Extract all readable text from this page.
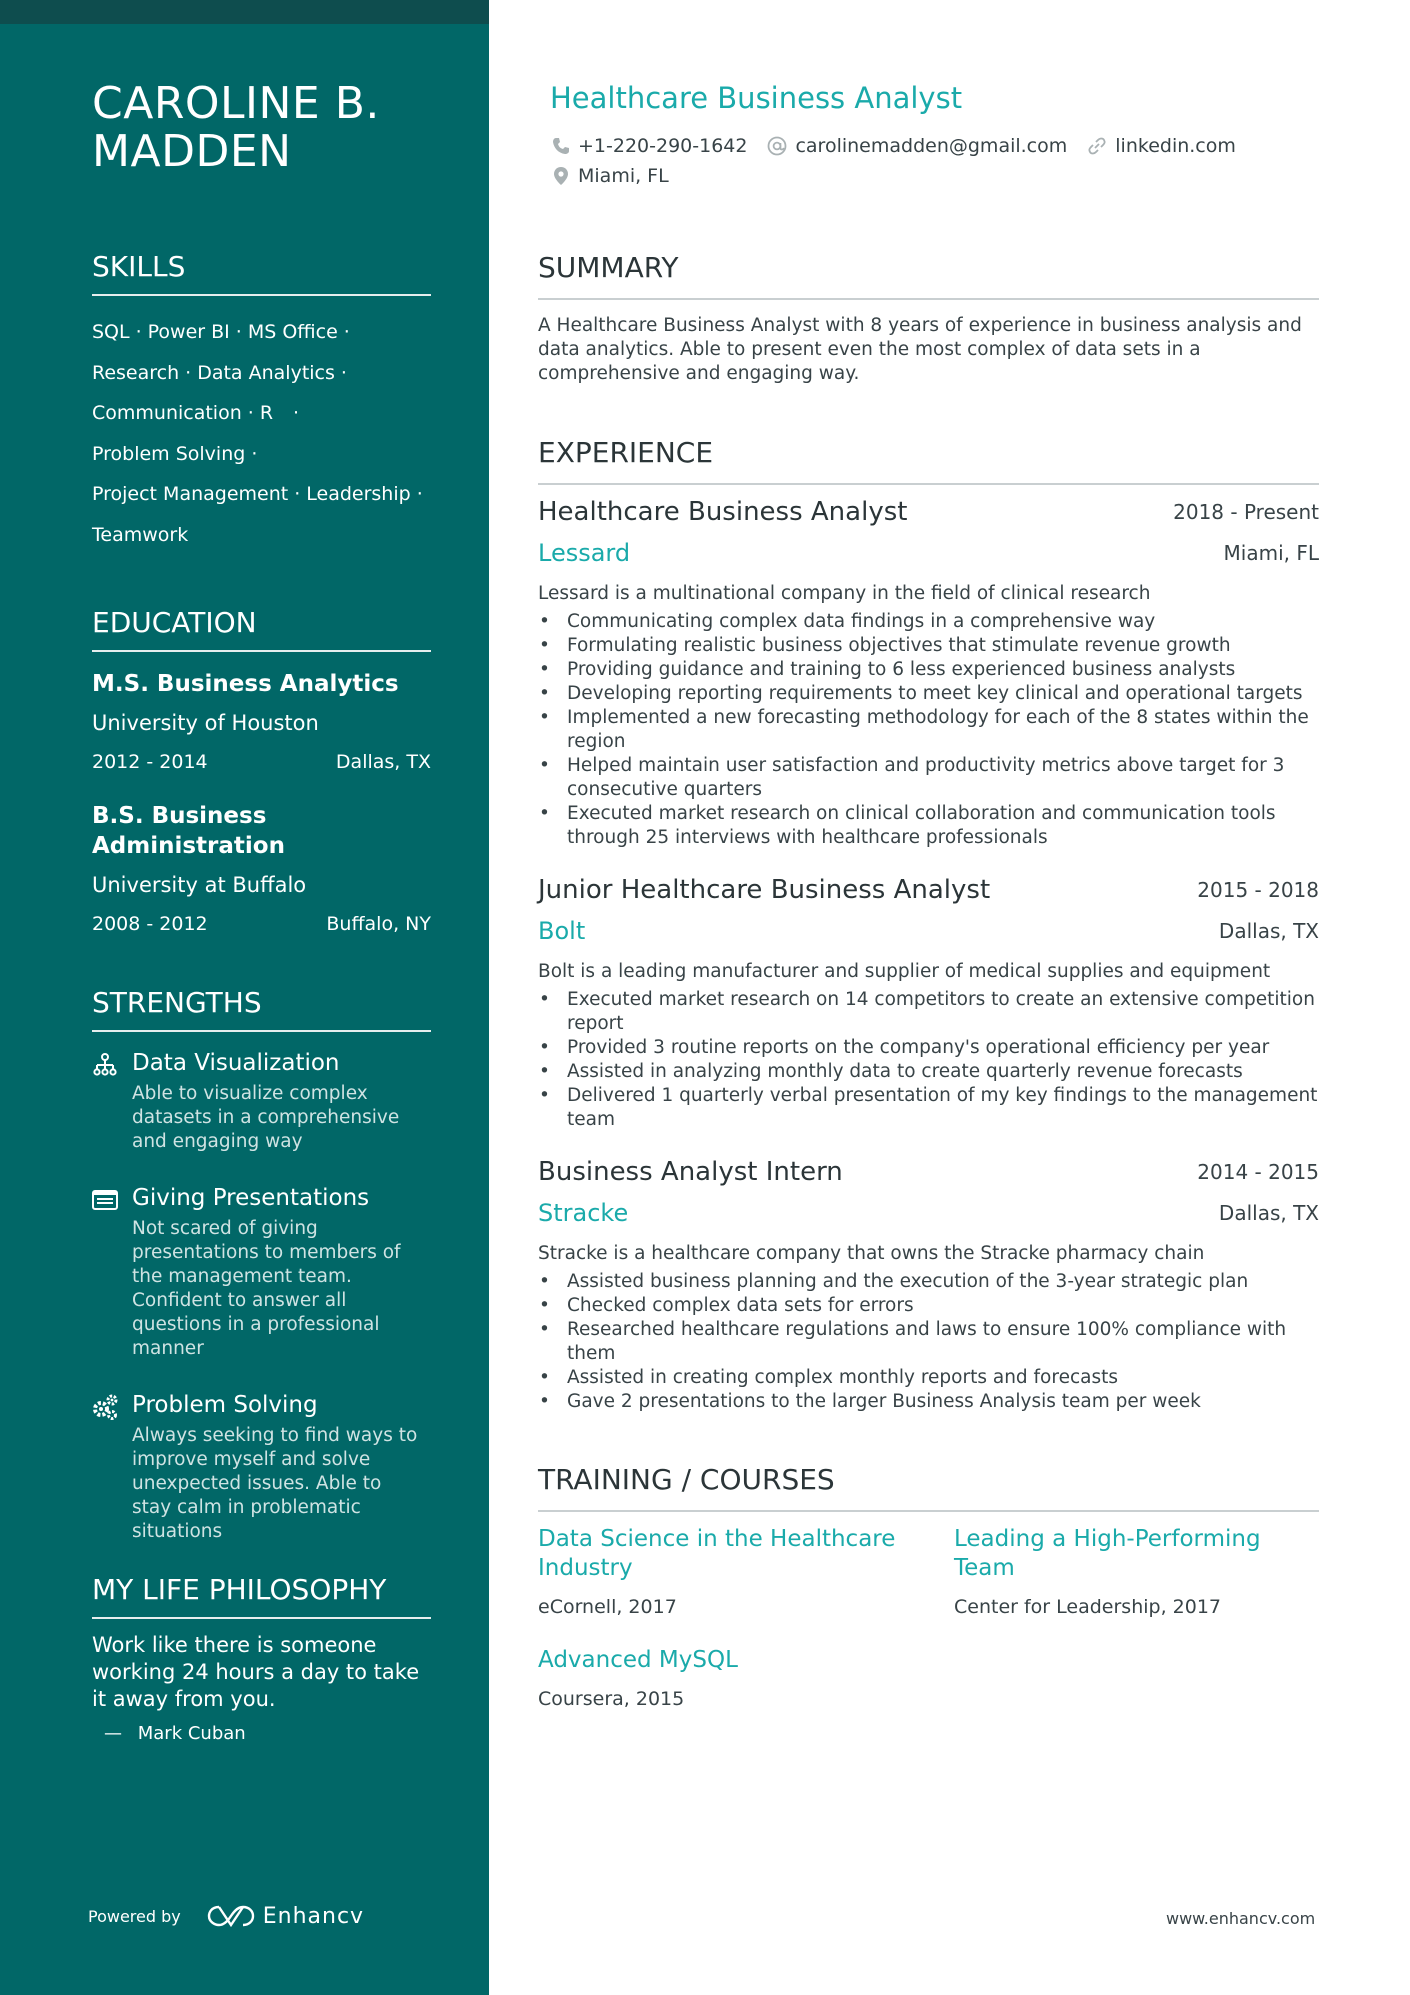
CAROLINE B. MADDEN
SKILLS
SQL · Power BI · MS Office ·
Research · Data Analytics ·
Communication · R ·
Problem Solving ·
Project Management · Leadership ·
Teamwork
EDUCATION
M.S. Business Analytics
University of Houston
2012 - 2014	Dallas, TX
B.S. Business Administration
University at Buffalo
2008 - 2012	Buffalo, NY
STRENGTHS
Data Visualization
Able to visualize complex datasets in a comprehensive and engaging way
Giving Presentations
Not scared of giving presentations to members of the management team. Confident to answer all questions in a professional manner
Problem Solving
Always seeking to find ways to improve myself and solve unexpected issues. Able to stay calm in problematic situations
MY LIFE PHILOSOPHY
Work like there is someone working 24 hours a day to take it away from you.
— Mark Cuban
Powered by	Enhancv
Healthcare Business Analyst
+1-220-290-1642	carolinemadden@gmail.com	linkedin.com
Miami, FL
SUMMARY
A Healthcare Business Analyst with 8 years of experience in business analysis and data analytics. Able to present even the most complex of data sets in a comprehensive and engaging way.
EXPERIENCE
Healthcare Business Analyst	2018 - Present
Lessard	Miami, FL
Lessard is a multinational company in the field of clinical research
• Communicating complex data findings in a comprehensive way
• Formulating realistic business objectives that stimulate revenue growth
• Providing guidance and training to 6 less experienced business analysts
• Developing reporting requirements to meet key clinical and operational targets
• Implemented a new forecasting methodology for each of the 8 states within the region
• Helped maintain user satisfaction and productivity metrics above target for 3 consecutive quarters
• Executed market research on clinical collaboration and communication tools through 25 interviews with healthcare professionals
Junior Healthcare Business Analyst	2015 - 2018
Bolt	Dallas, TX
Bolt is a leading manufacturer and supplier of medical supplies and equipment
• Executed market research on 14 competitors to create an extensive competition report
• Provided 3 routine reports on the company's operational efficiency per year
• Assisted in analyzing monthly data to create quarterly revenue forecasts
• Delivered 1 quarterly verbal presentation of my key findings to the management team
Business Analyst Intern	2014 - 2015
Stracke	Dallas, TX
Stracke is a healthcare company that owns the Stracke pharmacy chain
• Assisted business planning and the execution of the 3-year strategic plan
• Checked complex data sets for errors
• Researched healthcare regulations and laws to ensure 100% compliance with them
• Assisted in creating complex monthly reports and forecasts
• Gave 2 presentations to the larger Business Analysis team per week
TRAINING / COURSES
Data Science in the Healthcare Industry
eCornell, 2017
Leading a High-Performing Team
Center for Leadership, 2017
Advanced MySQL
Coursera, 2015
www.enhancv.com
